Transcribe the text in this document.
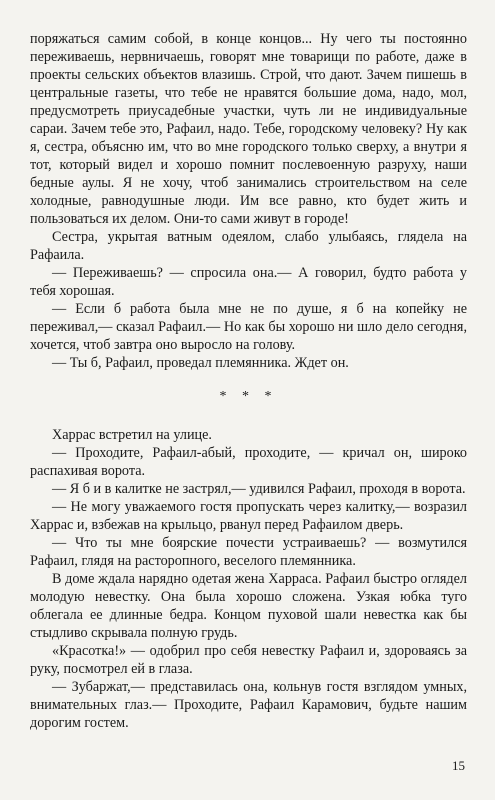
поряжаться самим собой, в конце концов... Ну чего ты постоянно переживаешь, нервничаешь, говорят мне товарищи по работе, даже в проекты сельских объектов влазишь. Строй, что дают. Зачем пишешь в центральные газеты, что тебе не нравятся большие дома, надо, мол, предусмотреть приусадебные участки, чуть ли не индивидуальные сараи. Зачем тебе это, Рафаил, надо. Тебе, городскому человеку? Ну как я, сестра, объясню им, что во мне городского только сверху, а внутри я тот, который видел и хорошо помнит послевоенную разруху, наши бедные аулы. Я не хочу, чтоб занимались строительством на селе холодные, равнодушные люди. Им все равно, кто будет жить и пользоваться их делом. Они-то сами живут в городе!

Сестра, укрытая ватным одеялом, слабо улыбаясь, глядела на Рафаила.

— Переживаешь? — спросила она.— А говорил, будто работа у тебя хорошая.

— Если б работа была мне не по душе, я б на копейку не переживал,— сказал Рафаил.— Но как бы хорошо ни шло дело сегодня, хочется, чтоб завтра оно выросло на голову.

— Ты б, Рафаил, проведал племянника. Ждет он.

* * *

Харрас встретил на улице.

— Проходите, Рафаил-абый, проходите, — кричал он, широко распахивая ворота.

— Я б и в калитке не застрял,— удивился Рафаил, проходя в ворота.

— Не могу уважаемого гостя пропускать через калитку,— возразил Харрас и, взбежав на крыльцо, рванул перед Рафаилом дверь.

— Что ты мне боярские почести устраиваешь? — возмутился Рафаил, глядя на расторопного, веселого племянника.

В доме ждала нарядно одетая жена Харраса. Рафаил быстро оглядел молодую невестку. Она была хорошо сложена. Узкая юбка туго облегала ее длинные бедра. Концом пуховой шали невестка как бы стыдливо скрывала полную грудь.

«Красотка!» — одобрил про себя невестку Рафаил и, здороваясь за руку, посмотрел ей в глаза.

— Зубаржат,— представилась она, кольнув гостя взглядом умных, внимательных глаз.— Проходите, Рафаил Карамович, будьте нашим дорогим гостем.

15
